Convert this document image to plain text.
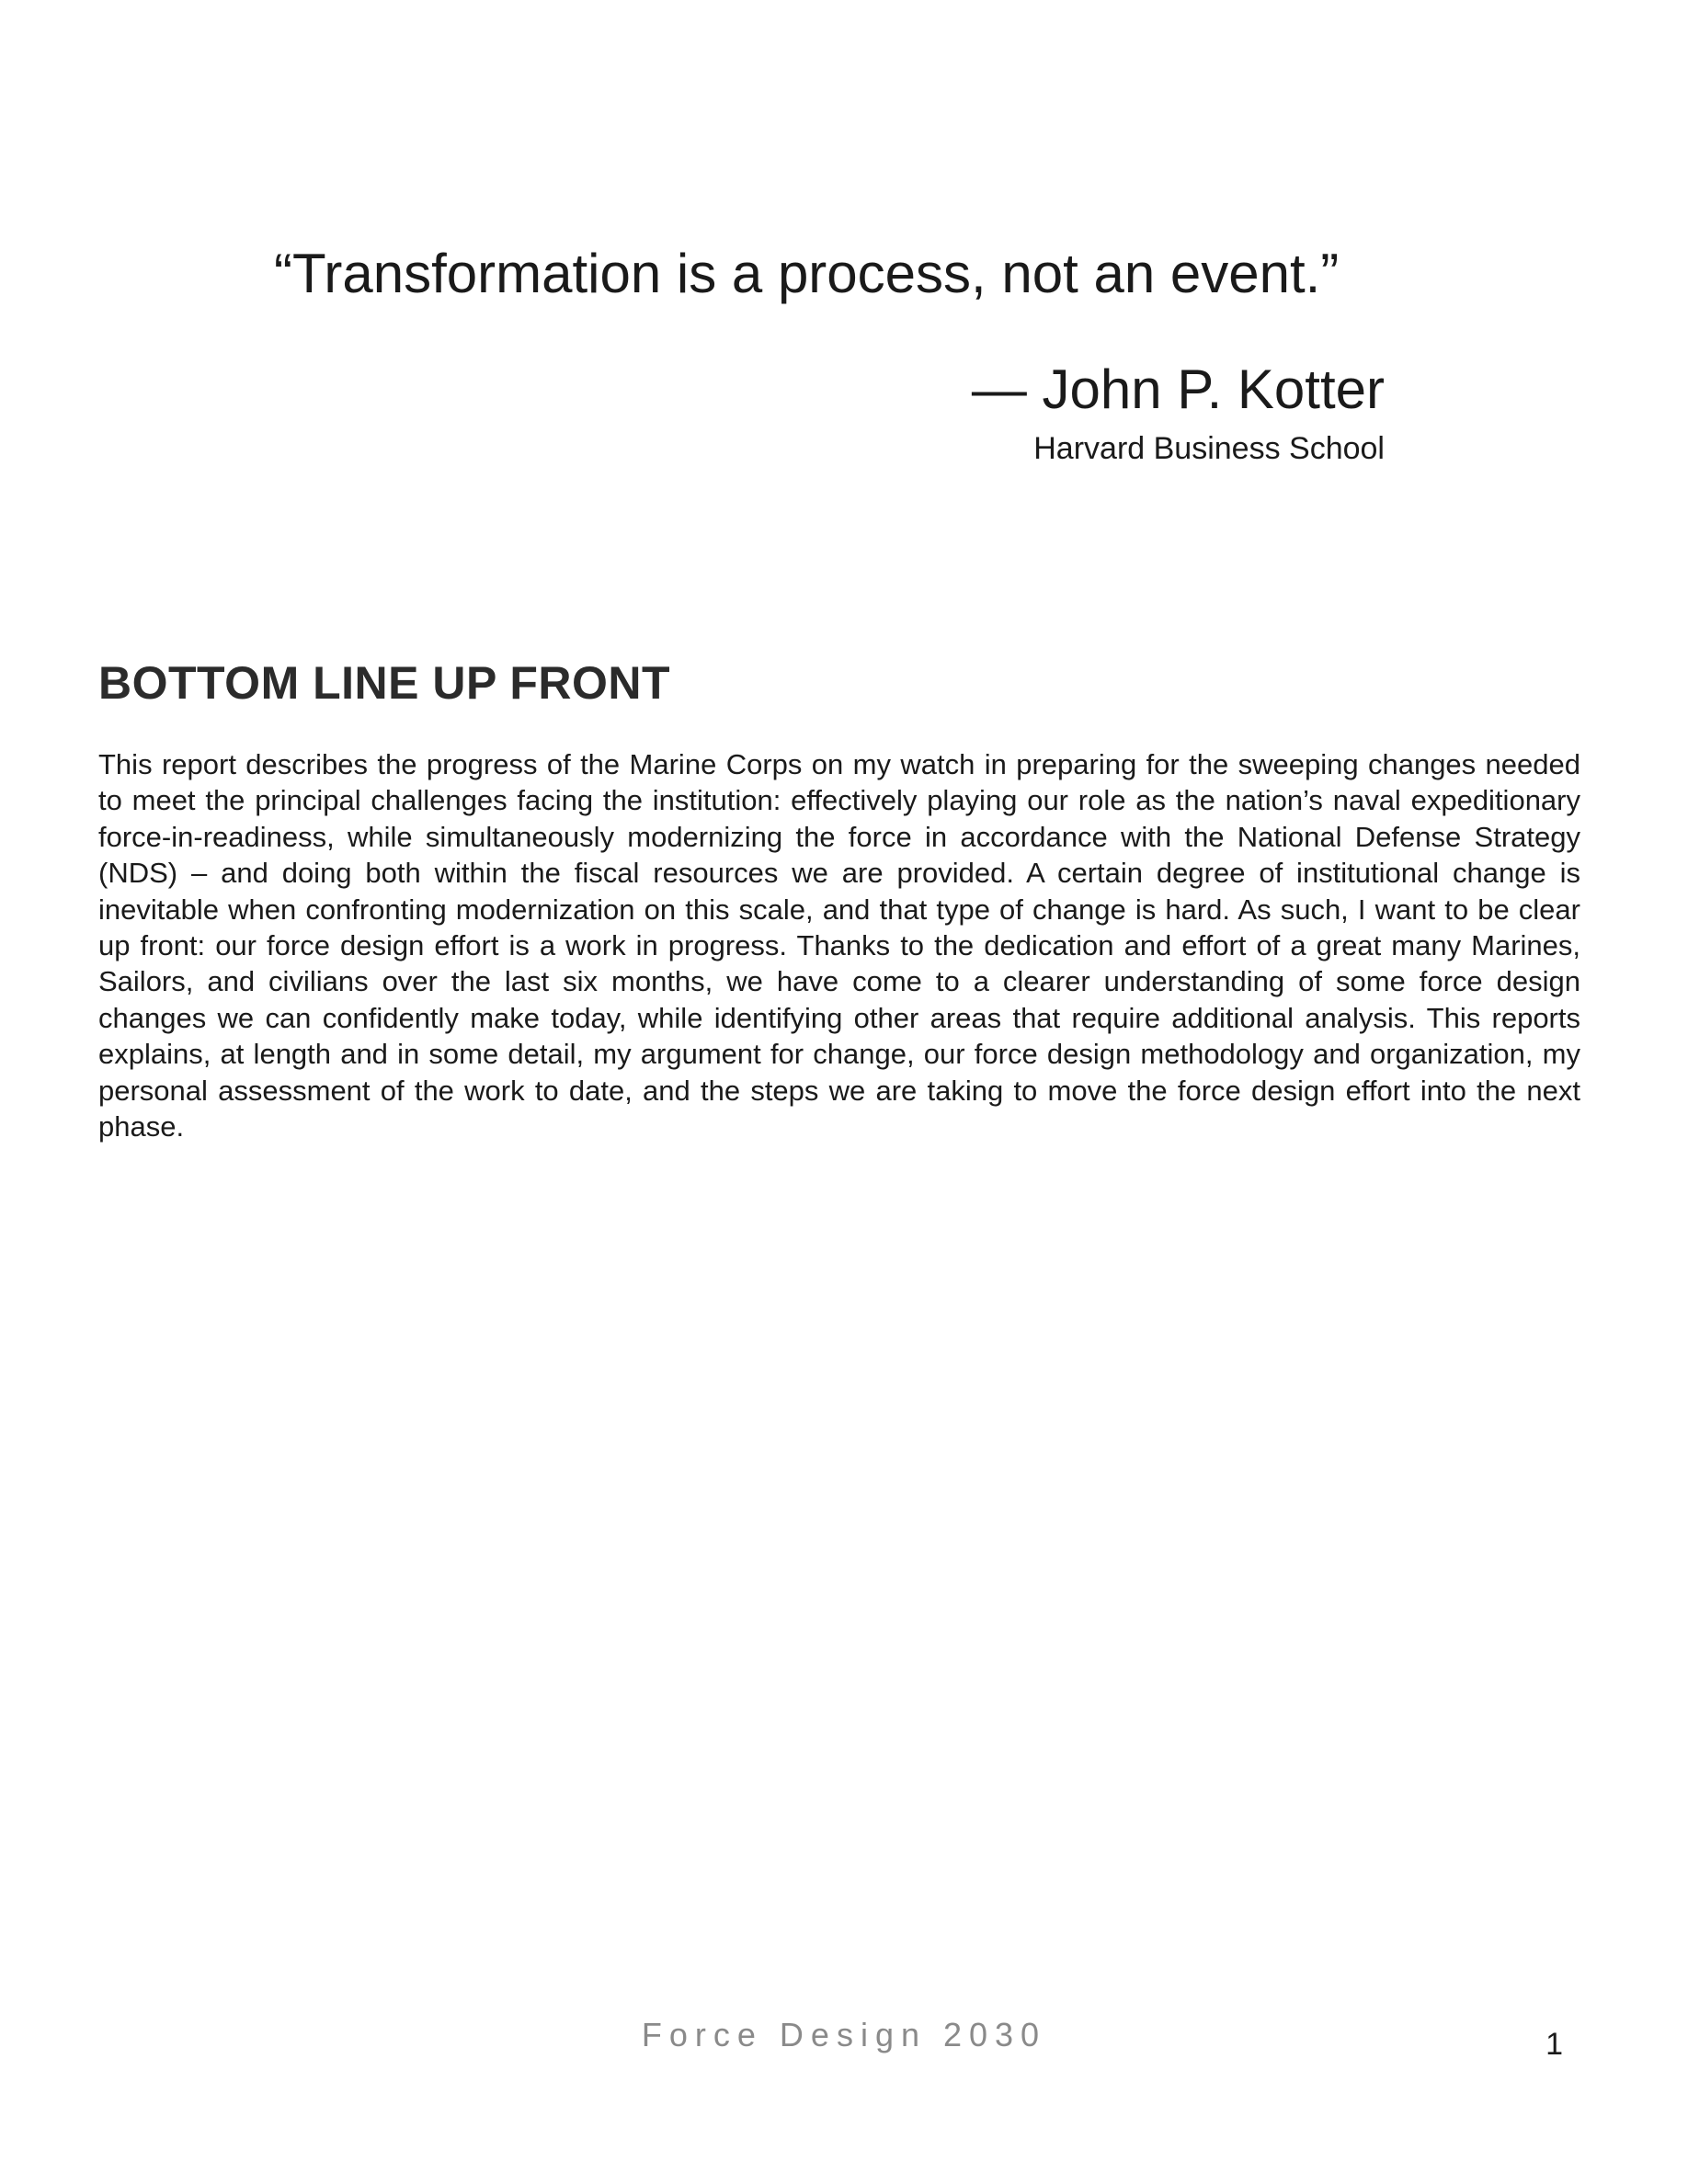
“Transformation is a process, not an event.”

— John P. Kotter

Harvard Business School

BOTTOM LINE UP FRONT

This report describes the progress of the Marine Corps on my watch in preparing for the sweeping changes needed to meet the principal challenges facing the institution: effectively playing our role as the nation’s naval expeditionary force-in-readiness, while simultaneously modernizing the force in accordance with the National Defense Strategy (NDS) – and doing both within the fiscal resources we are provided. A certain degree of institutional change is inevitable when confronting modernization on this scale, and that type of change is hard. As such, I want to be clear up front: our force design effort is a work in progress. Thanks to the dedication and effort of a great many Marines, Sailors, and civilians over the last six months, we have come to a clearer understanding of some force design changes we can confidently make today, while identifying other areas that require additional analysis. This reports explains, at length and in some detail, my argument for change, our force design methodology and organization, my personal assessment of the work to date, and the steps we are taking to move the force design effort into the next phase.

Force Design 2030	1
